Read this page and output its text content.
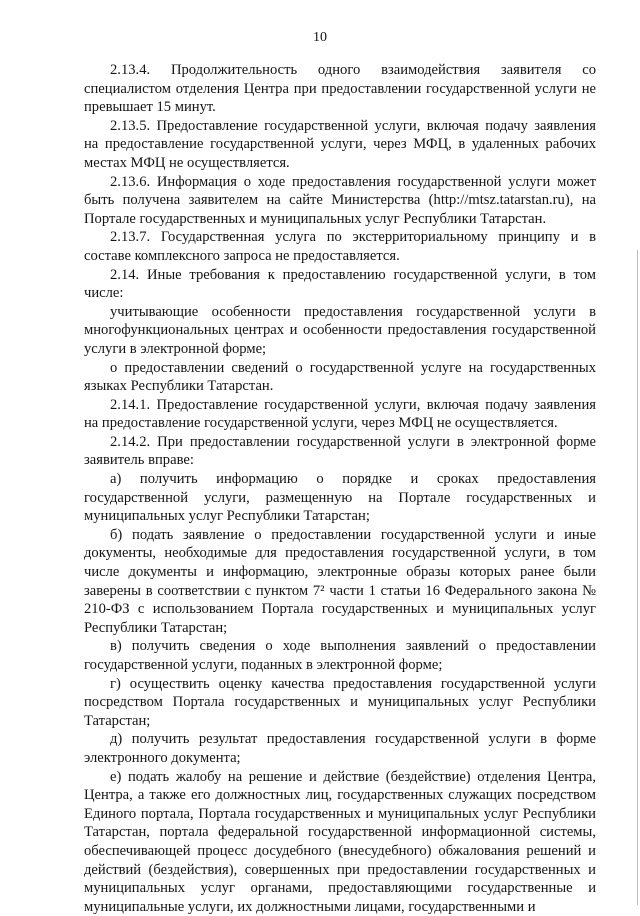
10

2.13.4. Продолжительность одного взаимодействия заявителя со специалистом отделения Центра при предоставлении государственной услуги не превышает 15 минут.

2.13.5. Предоставление государственной услуги, включая подачу заявления на предоставление государственной услуги, через МФЦ, в удаленных рабочих местах МФЦ не осуществляется.

2.13.6. Информация о ходе предоставления государственной услуги может быть получена заявителем на сайте Министерства (http://mtsz.tatarstan.ru), на Портале государственных и муниципальных услуг Республики Татарстан.

2.13.7. Государственная услуга по экстерриториальному принципу и в составе комплексного запроса не предоставляется.

2.14. Иные требования к предоставлению государственной услуги, в том числе:

учитывающие особенности предоставления государственной услуги в многофункциональных центрах и особенности предоставления государственной услуги в электронной форме;

о предоставлении сведений о государственной услуге на государственных языках Республики Татарстан.

2.14.1. Предоставление государственной услуги, включая подачу заявления на предоставление государственной услуги, через МФЦ не осуществляется.

2.14.2. При предоставлении государственной услуги в электронной форме заявитель вправе:

а) получить информацию о порядке и сроках предоставления государственной услуги, размещенную на Портале государственных и муниципальных услуг Республики Татарстан;

б) подать заявление о предоставлении государственной услуги и иные документы, необходимые для предоставления государственной услуги, в том числе документы и информацию, электронные образы которых ранее были заверены в соответствии с пунктом 7² части 1 статьи 16 Федерального закона № 210-ФЗ с использованием Портала государственных и муниципальных услуг Республики Татарстан;

в) получить сведения о ходе выполнения заявлений о предоставлении государственной услуги, поданных в электронной форме;

г) осуществить оценку качества предоставления государственной услуги посредством Портала государственных и муниципальных услуг Республики Татарстан;

д) получить результат предоставления государственной услуги в форме электронного документа;

е) подать жалобу на решение и действие (бездействие) отделения Центра, Центра, а также его должностных лиц, государственных служащих посредством Единого портала, Портала государственных и муниципальных услуг Республики Татарстан, портала федеральной государственной информационной системы, обеспечивающей процесс досудебного (внесудебного) обжалования решений и действий (бездействия), совершенных при предоставлении государственных и муниципальных услуг органами, предоставляющими государственные и муниципальные услуги, их должностными лицами, государственными и
